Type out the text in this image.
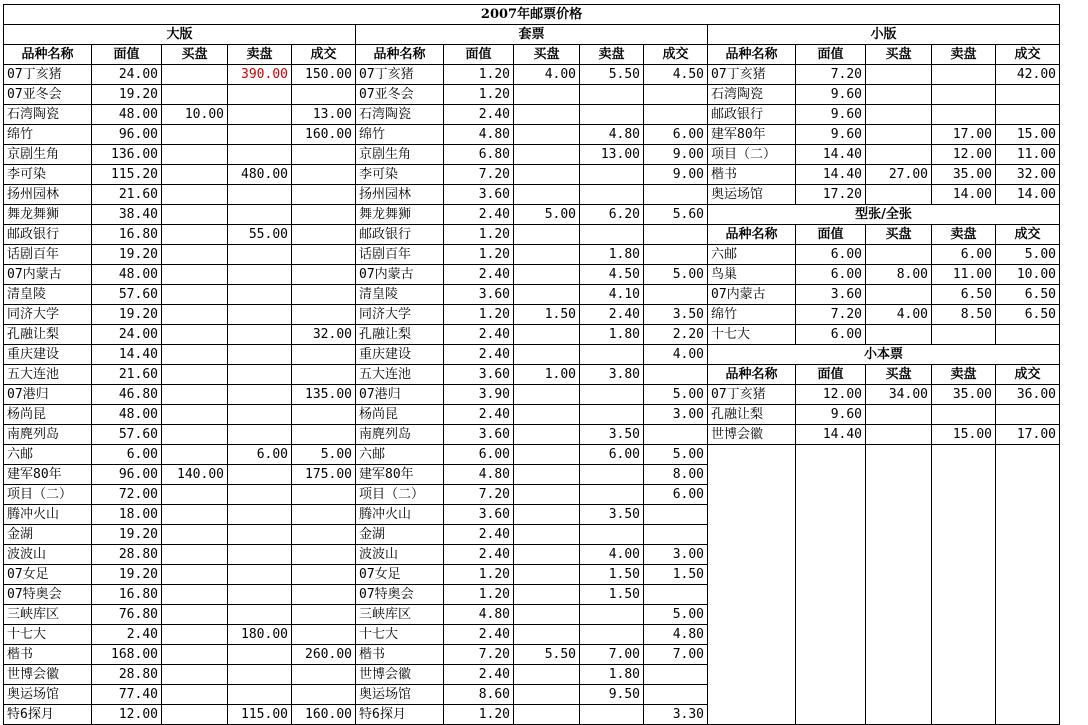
2007年邮票价格														
大版					套票					小版				
品种名称	面值	买盘	卖盘	成交	品种名称	面值	买盘	卖盘	成交	品种名称	面值	买盘	卖盘	成交
07丁亥猪	24.00		390.00	150.00	07丁亥猪	1.20	4.00	5.50	4.50	07丁亥猪	7.20			42.00
07亚冬会	19.20				07亚冬会	1.20				石湾陶瓷	9.60			
石湾陶瓷	48.00	10.00		13.00	石湾陶瓷	2.40				邮政银行	9.60			
绵竹	96.00			160.00	绵竹	4.80		4.80	6.00	建军80年	9.60		17.00	15.00
京剧生角	136.00				京剧生角	6.80		13.00	9.00	项目（二）	14.40		12.00	11.00
李可染	115.20		480.00		李可染	7.20			9.00	楷书	14.40	27.00	35.00	32.00
扬州园林	21.60				扬州园林	3.60				奥运场馆	17.20		14.00	14.00
舞龙舞狮	38.40				舞龙舞狮	2.40	5.00	6.20	5.60	型张/全张				
邮政银行	16.80		55.00		邮政银行	1.20				品种名称	面值	买盘	卖盘	成交
话剧百年	19.20				话剧百年	1.20		1.80		六邮	6.00		6.00	5.00
07内蒙古	48.00				07内蒙古	2.40		4.50	5.00	鸟巢	6.00	8.00	11.00	10.00
清皇陵	57.60				清皇陵	3.60		4.10		07内蒙古	3.60		6.50	6.50
同济大学	19.20				同济大学	1.20	1.50	2.40	3.50	绵竹	7.20	4.00	8.50	6.50
孔融让梨	24.00			32.00	孔融让梨	2.40		1.80	2.20	十七大	6.00			
重庆建设	14.40				重庆建设	2.40			4.00	小本票				
五大连池	21.60				五大连池	3.60	1.00	3.80		品种名称	面值	买盘	卖盘	成交
07港归	46.80			135.00	07港归	3.90			5.00	07丁亥猪	12.00	34.00	35.00	36.00
杨尚昆	48.00				杨尚昆	2.40			3.00	孔融让梨	9.60			
南麂列岛	57.60				南麂列岛	3.60		3.50		世博会徽	14.40		15.00	17.00
六邮	6.00		6.00	5.00	六邮	6.00		6.00	5.00					
建军80年	96.00	140.00		175.00	建军80年	4.80			8.00					
项目（二）	72.00				项目（二）	7.20			6.00					
腾冲火山	18.00				腾冲火山	3.60		3.50						
金湖	19.20				金湖	2.40								
波波山	28.80				波波山	2.40		4.00	3.00					
07女足	19.20				07女足	1.20		1.50	1.50					
07特奥会	16.80				07特奥会	1.20		1.50						
三峡库区	76.80				三峡库区	4.80			5.00					
十七大	2.40		180.00		十七大	2.40			4.80					
楷书	168.00			260.00	楷书	7.20	5.50	7.00	7.00					
世博会徽	28.80				世博会徽	2.40		1.80						
奥运场馆	77.40				奥运场馆	8.60		9.50						
特6探月	12.00		115.00	160.00	特6探月	1.20			3.30					
